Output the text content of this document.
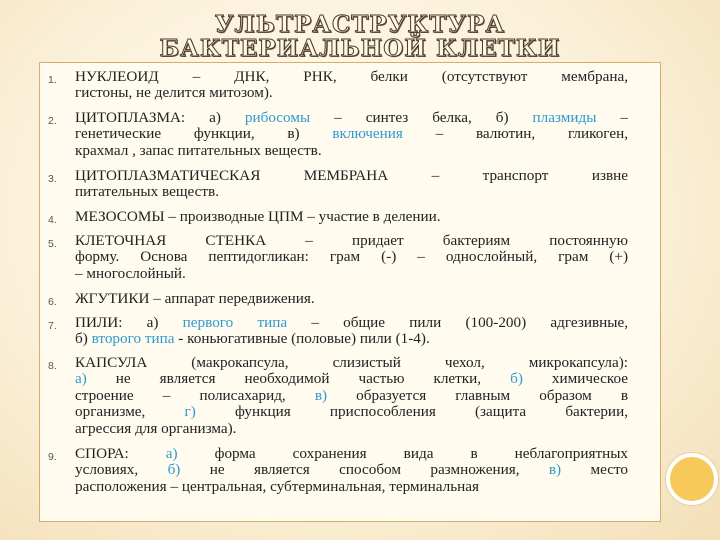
УЛЬТРАСТРУКТУРА
БАКТЕРИАЛЬНОЙ КЛЕТКИ
1. НУКЛЕОИД – ДНК, РНК, белки (отсутствуют мембрана,
гистоны, не делится митозом).
2. ЦИТОПЛАЗМА: а) рибосомы – синтез белка, б) плазмиды –
генетические функции, в) включения – валютин, гликоген,
крахмал , запас питательных веществ.
3. ЦИТОПЛАЗМАТИЧЕСКАЯ МЕМБРАНА – транспорт извне
питательных веществ.
4. МЕЗОСОМЫ – производные ЦПМ – участие в делении.
5. КЛЕТОЧНАЯ СТЕНКА – придает бактериям постоянную
форму. Основа пептидогликан: грам (-) – однослойный, грам (+)
– многослойный.
6. ЖГУТИКИ – аппарат передвижения.
7. ПИЛИ: а) первого типа – общие пили (100-200) адгезивные,
б) второго типа - коньюгативные (половые) пили (1-4).
8. КАПСУЛА (макрокапсула, слизистый чехол, микрокапсула):
а) не является необходимой частью клетки, б) химическое
строение – полисахарид, в) образуется главным образом в
организме, г) функция приспособления (защита бактерии,
агрессия для организма).
9. СПОРА: а) форма сохранения вида в неблагоприятных
условиях, б) не является способом размножения, в) место
расположения – центральная, субтерминальная, терминальная
